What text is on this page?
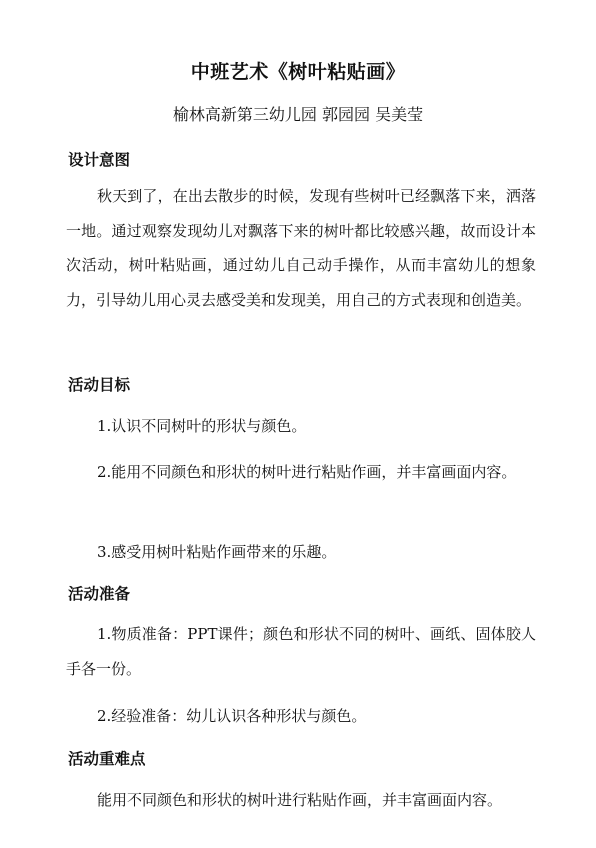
中班艺术《树叶粘贴画》
榆林高新第三幼儿园 郭园园 吴美莹
设计意图
秋天到了，在出去散步的时候，发现有些树叶已经飘落下来，洒落一地。通过观察发现幼儿对飘落下来的树叶都比较感兴趣，故而设计本次活动，树叶粘贴画，通过幼儿自己动手操作，从而丰富幼儿的想象力，引导幼儿用心灵去感受美和发现美，用自己的方式表现和创造美。
活动目标
1.认识不同树叶的形状与颜色。
2.能用不同颜色和形状的树叶进行粘贴作画，并丰富画面内容。
3.感受用树叶粘贴作画带来的乐趣。
活动准备
1.物质准备：PPT课件；颜色和形状不同的树叶、画纸、固体胶人手各一份。
2.经验准备：幼儿认识各种形状与颜色。
活动重难点
能用不同颜色和形状的树叶进行粘贴作画，并丰富画面内容。
